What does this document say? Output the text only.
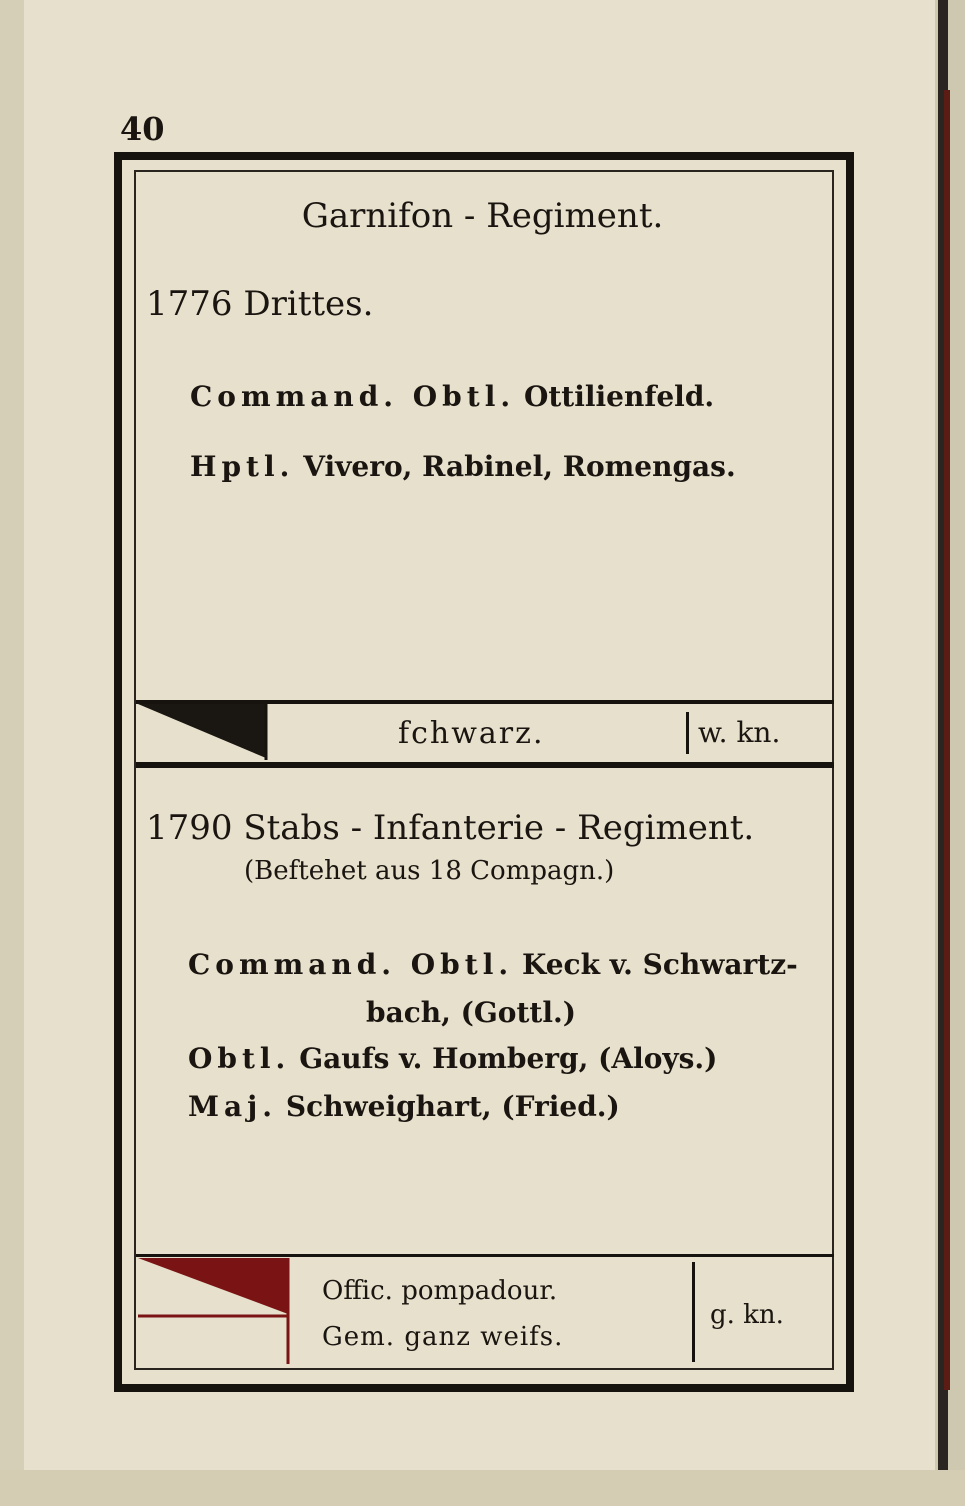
40
Garnifon - Regiment.
1776 Drittes.
Command. Obtl. Ottilienfeld.
Hptl. Vivero, Rabinel, Romengas.
fchwarz.	w. kn.
1790 Stabs - Infanterie - Regiment.
(Beftehet aus 18 Compagn.)
Command. Obtl. Keck v. Schwartz-
bach, (Gottl.)
Obtl. Gaufs v. Homberg, (Aloys.)
Maj. Schweighart, (Fried.)
Offic. pompadour.
Gem. ganz weifs.
g. kn.
